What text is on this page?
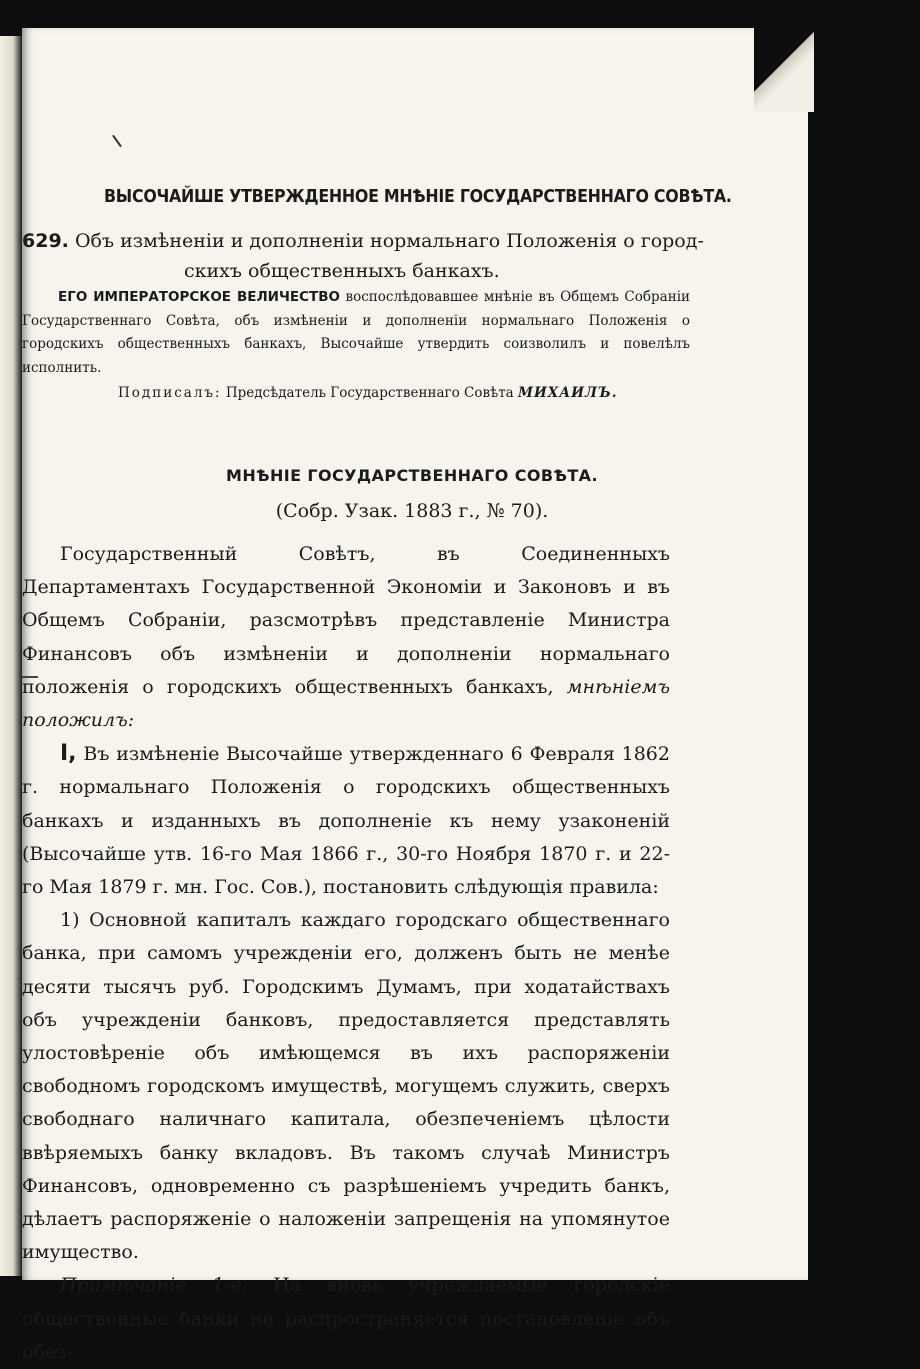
ВЫСОЧАЙШЕ УТВЕРЖДЕННОЕ МНѢНІЕ ГОСУДАРСТВЕННАГО СОВѢТА.
629. Объ измѣненіи и дополненіи нормальнаго Положенія о город-
скихъ общественныхъ банкахъ.
ЕГО ИМПЕРАТОРСКОЕ ВЕЛИЧЕСТВО воспослѣдовавшее мнѣніе въ Общемъ Собраніи Государственнаго Совѣта, объ измѣненіи и дополненіи нормальнаго Положенія о городскихъ общественныхъ банкахъ, Высочайше утвердить соизволилъ и повелѣлъ исполнить.
Подписалъ: Предсѣдатель Государственнаго Совѣта МИХАИЛЪ.
МНѢНІЕ ГОСУДАРСТВЕННАГО СОВѢТА.
(Собр. Узак. 1883 г., № 70).

Государственный Совѣтъ, въ Соединенныхъ Департаментахъ Государственной Экономіи и Законовъ и въ Общемъ Собраніи, разсмотрѣвъ представленіе Министра Финансовъ объ измѣненіи и дополненіи нормальнаго положенія о городскихъ общественныхъ банкахъ, мнѣніемъ положилъ:

I, Въ измѣненіе Высочайше утвержденнаго 6 Февраля 1862 г. нормальнаго Положенія о городскихъ общественныхъ банкахъ и изданныхъ въ дополненіе къ нему узаконеній (Высочайше утв. 16-го Мая 1866 г., 30-го Ноября 1870 г. и 22-го Мая 1879 г. мн. Гос. Сов.), постановить слѣдующія правила:

1) Основной капиталъ каждаго городскаго общественнаго банка, при самомъ учрежденіи его, долженъ быть не менѣе десяти тысячъ руб. Городскимъ Думамъ, при ходатайствахъ объ учрежденіи банковъ, предоставляется представлять улостовѣреніе объ имѣющемся въ ихъ распоряженіи свободномъ городскомъ имуществѣ, могущемъ служить, сверхъ свободнаго наличнаго капитала, обезпеченіемъ цѣлости ввѣряемыхъ банку вкладовъ. Въ такомъ случаѣ Министръ Финансовъ, одновременно съ разрѣшеніемъ учредить банкъ, дѣлаетъ распоряженіе о наложеніи запрещенія на упомянутое имущество.

Примѣчаніе 1-е. На вновь учреждаемые городскіе общественные банки не распространяется постановленіе объ обез-
